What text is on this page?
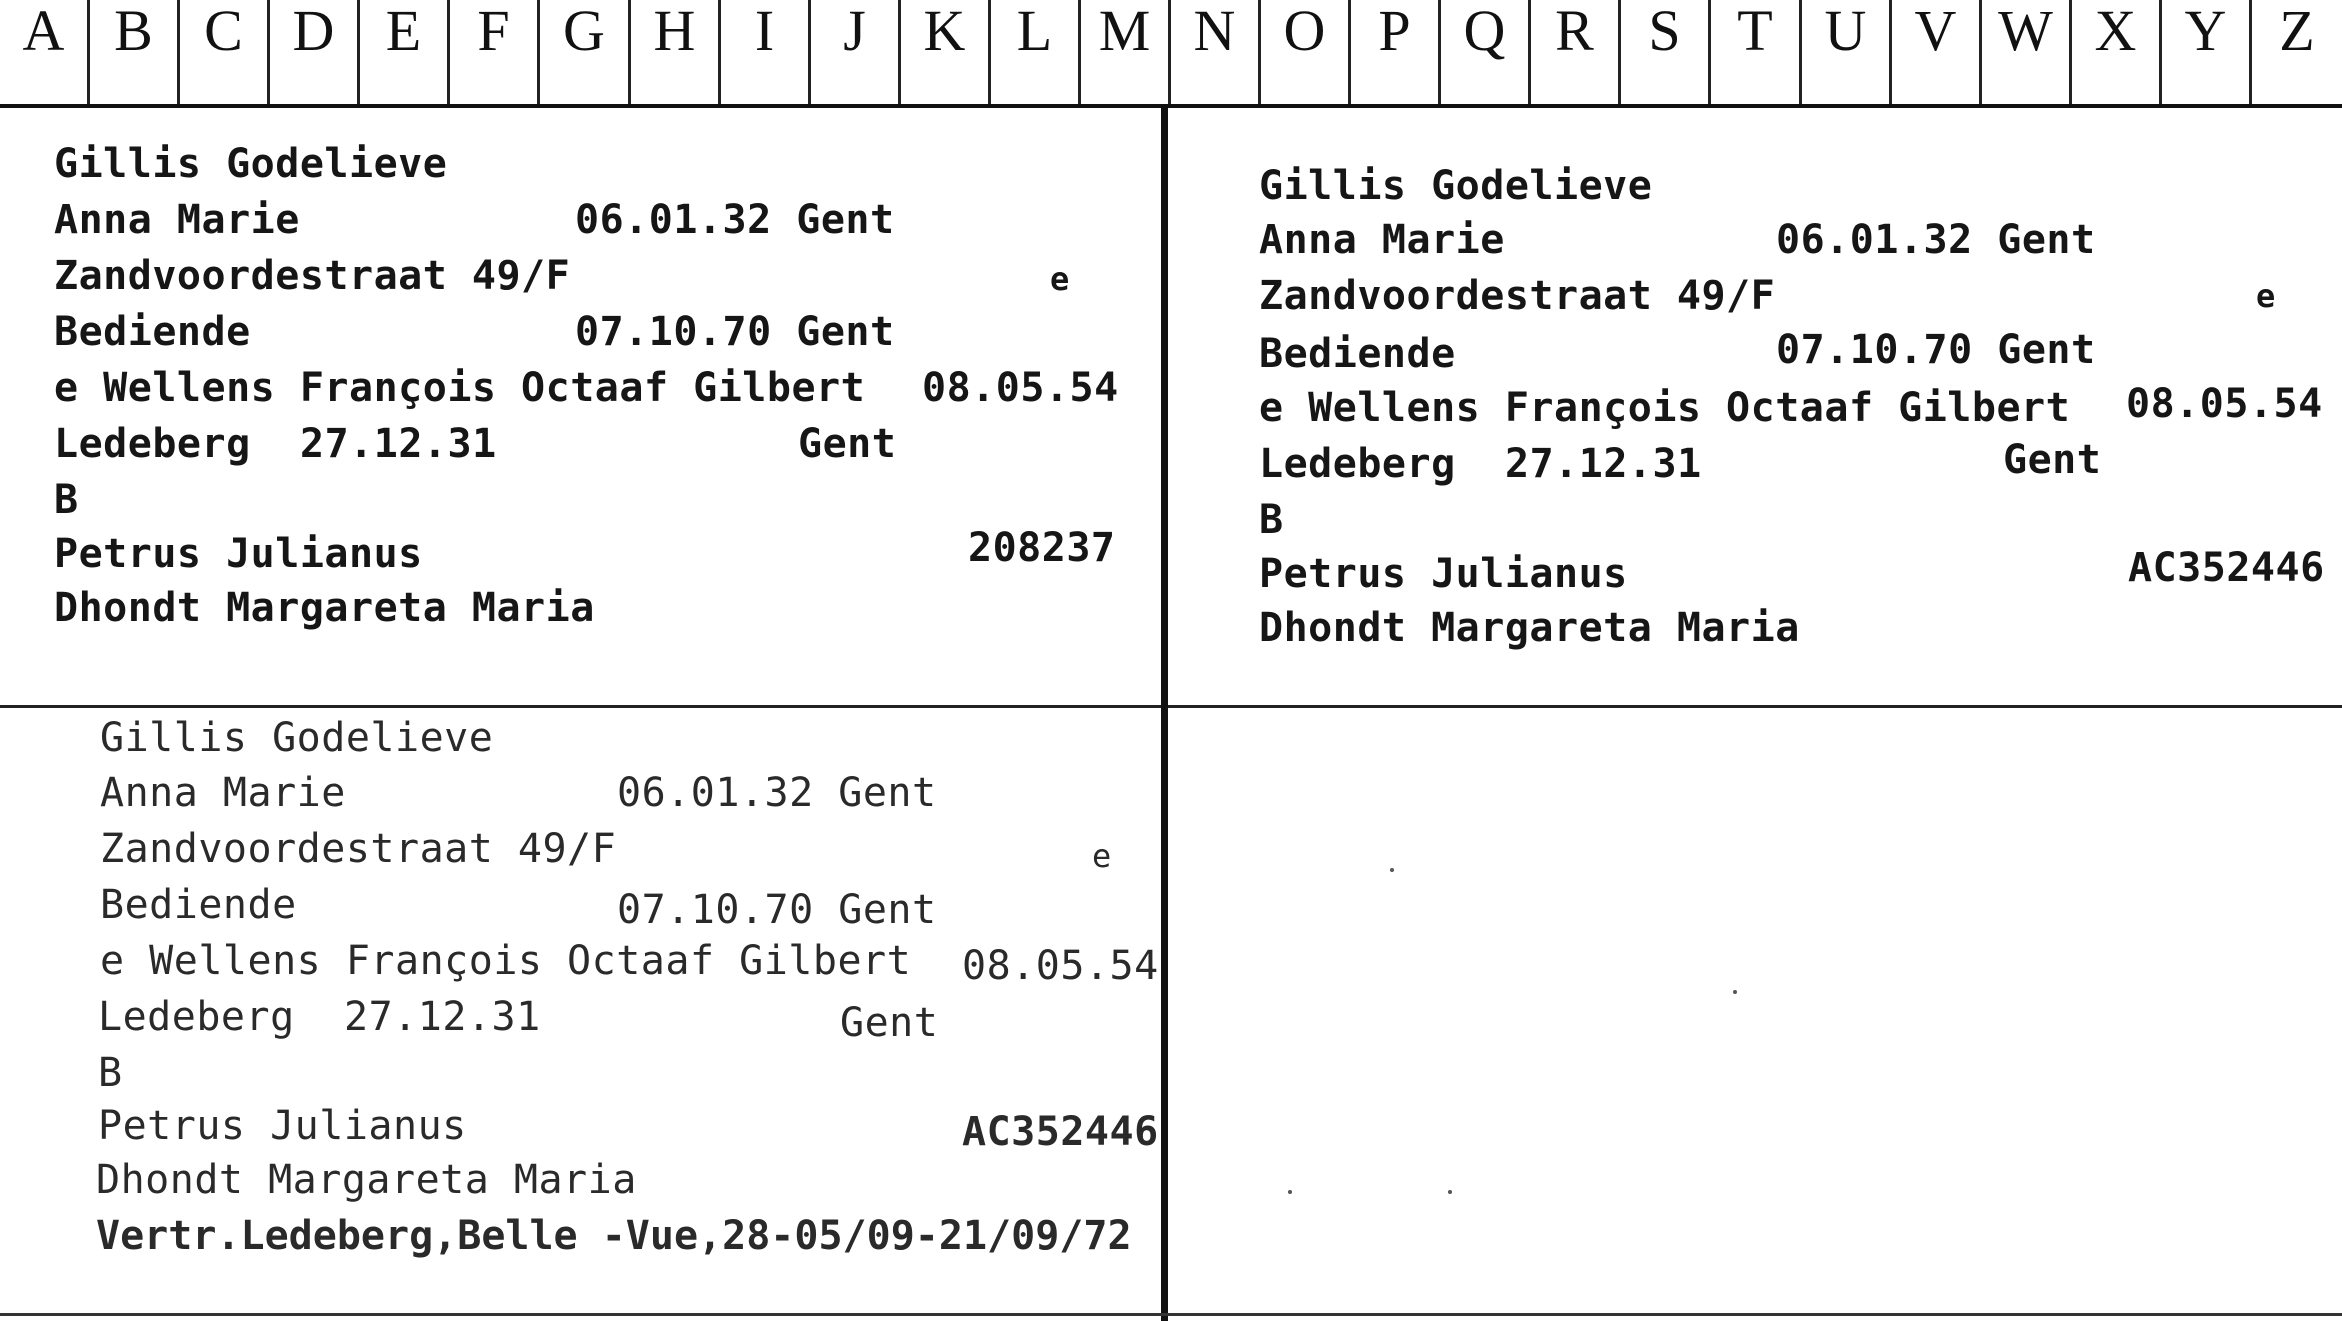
A B C D E F G H	I	J K L M N O P Q R S T U V W X Y Z
Gillis Godelieve
Anna Marie	06.01.32 Gent
Zandvoordestraat 49/F	e
Bediende	07.10.70 Gent
e Wellens François Octaaf Gilbert 08.05.54
Ledeberg 27.12.31	Gent
B
Petrus Julianus	208237
Dhondt Margareta Maria
Gillis Godelieve
Anna Marie	06.01.32 Gent
Zandvoordestraat 49/F	e
Bediende	07.10.70 Gent
e Wellens François Octaaf Gilbert 08.05.54
Ledeberg 27.12.31	Gent
B
Petrus Julianus	AC352446
Dhondt Margareta Maria
Gillis Godelieve
Anna Marie	06.01.32 Gent
Zandvoordestraat 49/F	e
Bediende	07.10.70 Gent
e Wellens François Octaaf Gilbert 08.05.54
Ledeberg 27.12.31	Gent
B
Petrus Julianus	AC352446
Dhondt Margareta Maria
Vertr.Ledeberg,Belle -Vue,28-05/09-21/09/72
